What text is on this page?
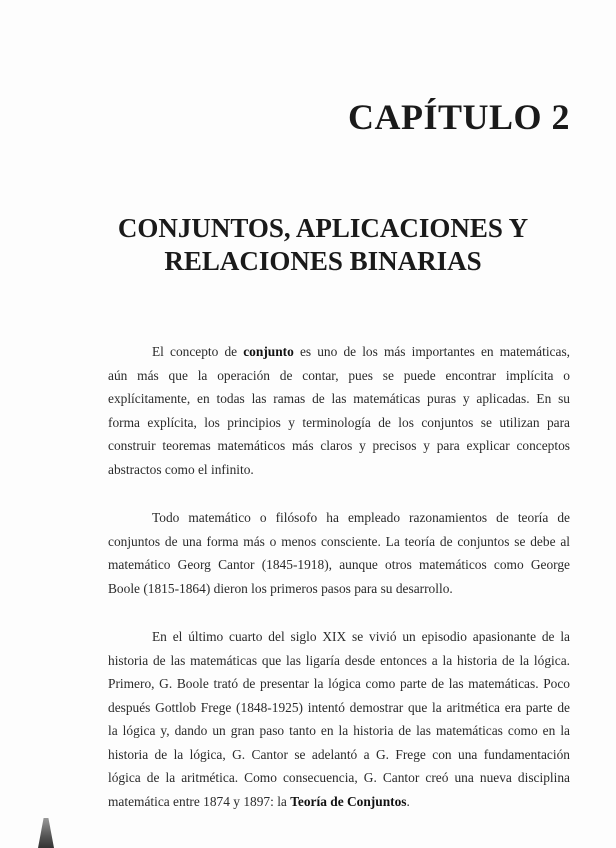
CAPÍTULO 2
CONJUNTOS, APLICACIONES Y
RELACIONES BINARIAS

El concepto de conjunto es uno de los más importantes en matemáticas,
aún más que la operación de contar, pues se puede encontrar implícita o
explícitamente, en todas las ramas de las matemáticas puras y aplicadas. En su
forma explícita, los principios y terminología de los conjuntos se utilizan para
construir teoremas matemáticos más claros y precisos y para explicar conceptos
abstractos como el infinito.

Todo matemático o filósofo ha empleado razonamientos de teoría de
conjuntos de una forma más o menos consciente. La teoría de conjuntos se debe al
matemático Georg Cantor (1845-1918), aunque otros matemáticos como George
Boole (1815-1864) dieron los primeros pasos para su desarrollo.

En el último cuarto del siglo XIX se vivió un episodio apasionante de la
historia de las matemáticas que las ligaría desde entonces a la historia de la lógica.
Primero, G. Boole trató de presentar la lógica como parte de las matemáticas. Poco
después Gottlob Frege (1848-1925) intentó demostrar que la aritmética era parte de
la lógica y, dando un gran paso tanto en la historia de las matemáticas como en la
historia de la lógica, G. Cantor se adelantó a G. Frege con una fundamentación
lógica de la aritmética. Como consecuencia, G. Cantor creó una nueva disciplina
matemática entre 1874 y 1897: la Teoría de Conjuntos.
